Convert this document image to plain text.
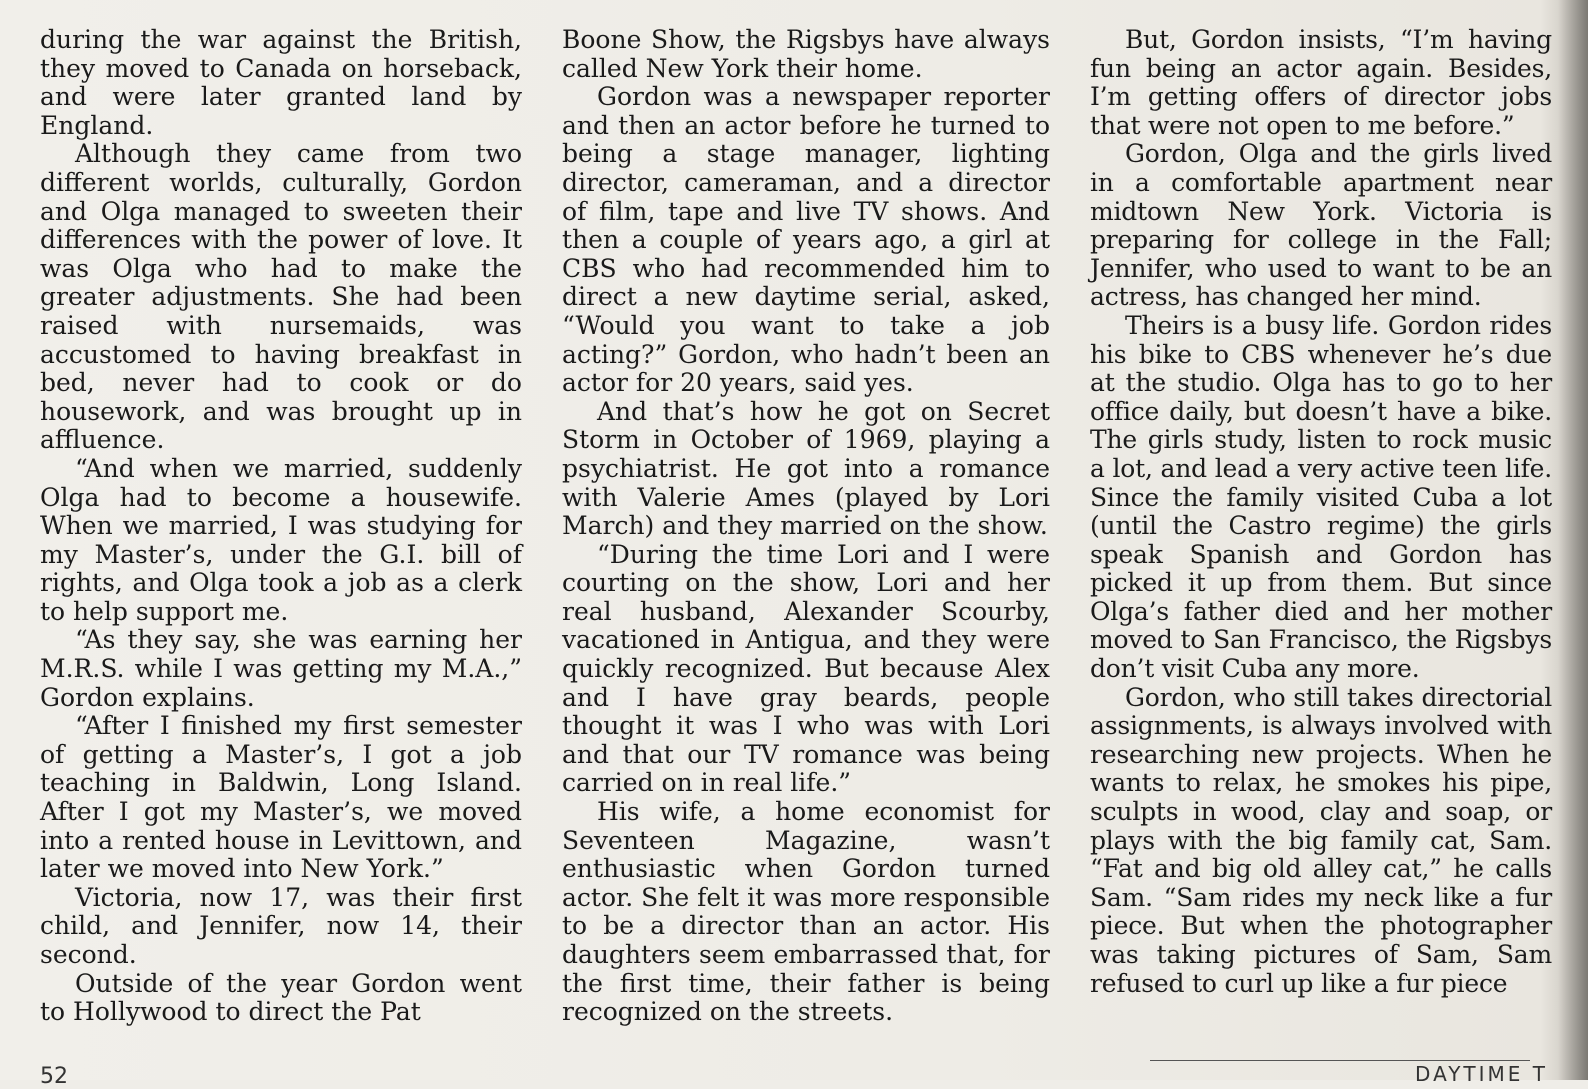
during the war against the British, they moved to Canada on horseback, and were later granted land by England.

Although they came from two different worlds, culturally, Gordon and Olga managed to sweeten their differences with the power of love. It was Olga who had to make the greater adjustments. She had been raised with nursemaids, was accustomed to having breakfast in bed, never had to cook or do housework, and was brought up in affluence.

“And when we married, suddenly Olga had to become a housewife. When we married, I was studying for my Master’s, under the G.I. bill of rights, and Olga took a job as a clerk to help support me.

“As they say, she was earning her M.R.S. while I was getting my M.A.,” Gordon explains.

“After I finished my first semester of getting a Master’s, I got a job teaching in Baldwin, Long Island. After I got my Master’s, we moved into a rented house in Levittown, and later we moved into New York.”

Victoria, now 17, was their first child, and Jennifer, now 14, their second.

Outside of the year Gordon went to Hollywood to direct the Pat

Boone Show, the Rigsbys have always called New York their home.

Gordon was a newspaper reporter and then an actor before he turned to being a stage manager, lighting director, cameraman, and a director of film, tape and live TV shows. And then a couple of years ago, a girl at CBS who had recommended him to direct a new daytime serial, asked, “Would you want to take a job acting?” Gordon, who hadn’t been an actor for 20 years, said yes.

And that’s how he got on Secret Storm in October of 1969, playing a psychiatrist. He got into a romance with Valerie Ames (played by Lori March) and they married on the show.

“During the time Lori and I were courting on the show, Lori and her real husband, Alexander Scourby, vacationed in Antigua, and they were quickly recognized. But because Alex and I have gray beards, people thought it was I who was with Lori and that our TV romance was being carried on in real life.”

His wife, a home economist for Seventeen Magazine, wasn’t enthusiastic when Gordon turned actor. She felt it was more responsible to be a director than an actor. His daughters seem embarrassed that, for the first time, their father is being recognized on the streets.

But, Gordon insists, “I’m having fun being an actor again. Besides, I’m getting offers of director jobs that were not open to me before.”

Gordon, Olga and the girls lived in a comfortable apartment near midtown New York. Victoria is preparing for college in the Fall; Jennifer, who used to want to be an actress, has changed her mind.

Theirs is a busy life. Gordon rides his bike to CBS whenever he’s due at the studio. Olga has to go to her office daily, but doesn’t have a bike. The girls study, listen to rock music a lot, and lead a very active teen life. Since the family visited Cuba a lot (until the Castro regime) the girls speak Spanish and Gordon has picked it up from them. But since Olga’s father died and her mother moved to San Francisco, the Rigsbys don’t visit Cuba any more.

Gordon, who still takes directorial assignments, is always involved with researching new projects. When he wants to relax, he smokes his pipe, sculpts in wood, clay and soap, or plays with the big family cat, Sam. “Fat and big old alley cat,” he calls Sam. “Sam rides my neck like a fur piece. But when the photographer was taking pictures of Sam, Sam refused to curl up like a fur piece

52	DAYTIME T
